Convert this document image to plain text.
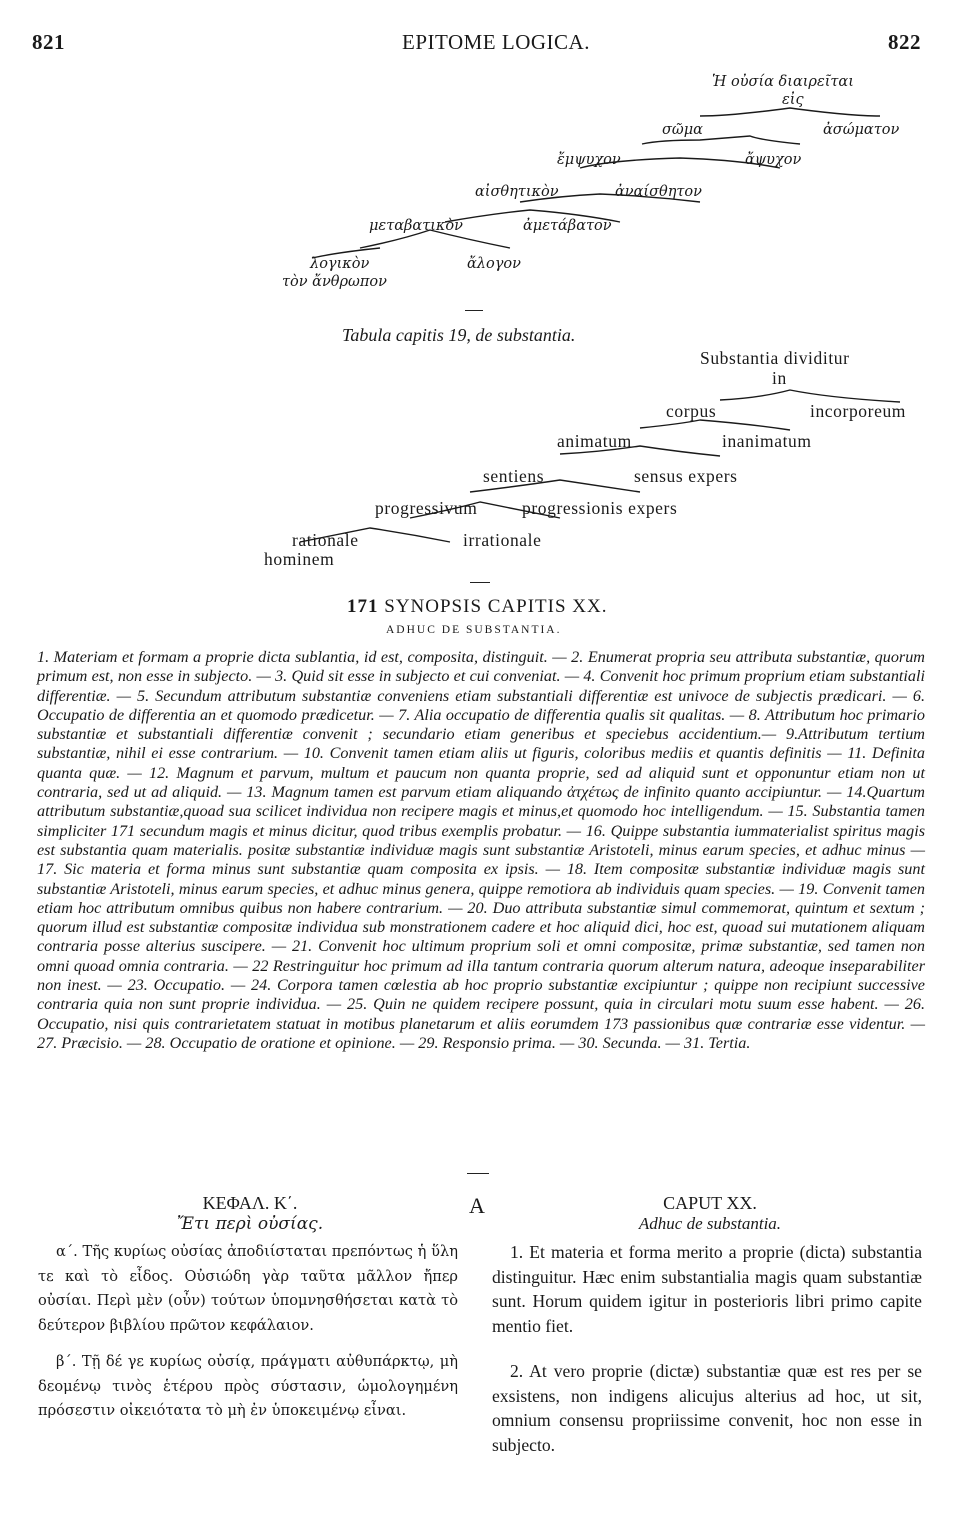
821	EPITOME LOGICA.	822
Ἡ οὐσία διαιρεῖται
εἰς
σῶμα	ἀσώματον
ἔμψυχον	ἄψυχον
αἰσθητικὸν	ἀναίσθητον
μεταβατικὸν	ἀμετάβατον
λογικὸν	ἄλογον
τὸν ἄνθρωπον
Tabula capitis 19, de substantia.
Substantia dividitur
in
corpus	incorporeum
animatum	inanimatum
sentiens	sensus expers
progressivum	progressionis expers
rationale	irrationale
hominem
171 SYNOPSIS CAPITIS XX.
ADHUC DE SUBSTANTIA.

1. Materiam et formam a proprie dicta sublantia, id est, composita, distinguit. — 2. Enumerat propria seu attributa substantiæ, quorum primum est, non esse in subjecto. — 3. Quid sit esse in subjecto et cui conveniat. — 4. Convenit hoc primum proprium etiam substantiali differentiæ. — 5. Secundum attributum substantiæ conveniens etiam substantiali differentiæ est univoce de subjectis prædicari. — 6. Occupatio de differentia an et quomodo prædicetur. — 7. Alia occupatio de differentia qualis sit qualitas. — 8. Attributum hoc primario substantiæ et substantiali differentiæ convenit ; secundario etiam generibus et speciebus accidentium.— 9.Attributum tertium substantiæ, nihil ei esse contrarium. — 10. Convenit tamen etiam aliis ut figuris, coloribus mediis et quantis definitis — 11. Definita quanta quæ. — 12. Magnum et parvum, multum et paucum non quanta proprie, sed ad aliquid sunt et opponuntur etiam non ut contraria, sed ut ad aliquid. — 13. Magnum tamen est parvum etiam aliquando ἀτχέτως de infinito quanto accipiuntur. — 14.Quartum attributum substantiæ,quoad sua scilicet individua non recipere magis et minus,et quomodo hoc intelligendum. — 15. Substantia tamen simpliciter 171 secundum magis et minus dicitur, quod tribus exemplis probatur. — 16. Quippe substantia iummaterialist spiritus magis est substantia quam materialis. positæ substantiæ individuæ magis sunt substantiæ Aristoteli, minus earum species, et adhuc minus — 17. Sic materia et forma minus sunt substantiæ quam composita ex ipsis. — 18. Item compositæ substantiæ individuæ magis sunt substantiæ Aristoteli, minus earum species, et adhuc minus genera, quippe remotiora ab individuis quam species. — 19. Convenit tamen etiam hoc attributum omnibus quibus non habere contrarium. — 20. Duo attributa substantiæ simul commemorat, quintum et sextum ; quorum illud est substantiæ compositæ individua sub monstrationem cadere et hoc aliquid dici, hoc est, quoad sui mutationem aliquam contraria posse alterius suscipere. — 21. Convenit hoc ultimum proprium soli et omni compositæ, primæ substantiæ, sed tamen non omni quoad omnia contraria. — 22 Restringuitur hoc primum ad illa tantum contraria quorum alterum natura, adeoque inseparabiliter non inest. — 23. Occupatio. — 24. Corpora tamen cœlestia ab hoc proprio substantiæ excipiuntur ; quippe non recipiunt successive contraria quia non sunt proprie individua. — 25. Quin ne quidem recipere possunt, quia in circulari motu suum esse habent. — 26. Occupatio, nisi quis contrarietatem statuat in motibus planetarum et aliis eorumdem 173 passionibus quæ contrariæ esse videntur. — 27. Præcisio. — 28. Occupatio de oratione et opinione. — 29. Responsio prima. — 30. Secunda. — 31. Tertia.

ΚΕΦΑΛ. Κ΄.
Ἔτι περὶ οὐσίας.
A	CAPUT XX.
Adhuc de substantia.

α΄. Τῆς κυρίως οὐσίας ἀποδιίσταται πρεπόντως ἡ ὕλη τε καὶ τὸ εἶδος. Οὐσιώδη γὰρ ταῦτα μᾶλλον ἤπερ οὐσίαι. Περὶ μὲν (οὖν) τούτων ὑπομνησθήσεται κατὰ τὸ δεύτερον βιβλίου πρῶτον κεφάλαιον.

β΄. Τῇ δέ γε κυρίως οὐσίᾳ, πράγματι αὐθυπάρκτῳ, μὴ δεομένῳ τινὸς ἑτέρου πρὸς σύστασιν, ὡμολογημένη πρόσεστιν οἰκειότατα τὸ μὴ ἐν ὑποκειμένῳ εἶναι.

1. Et materia et forma merito a proprie (dicta) substantia distinguitur. Hæc enim substantialia magis quam substantiæ sunt. Horum quidem igitur in posterioris libri primo capite mentio fiet.

2. At vero proprie (dictæ) substantiæ quæ est res per se exsistens, non indigens alicujus alterius ad hoc, ut sit, omnium consensu propriissime convenit, hoc non esse in subjecto.
